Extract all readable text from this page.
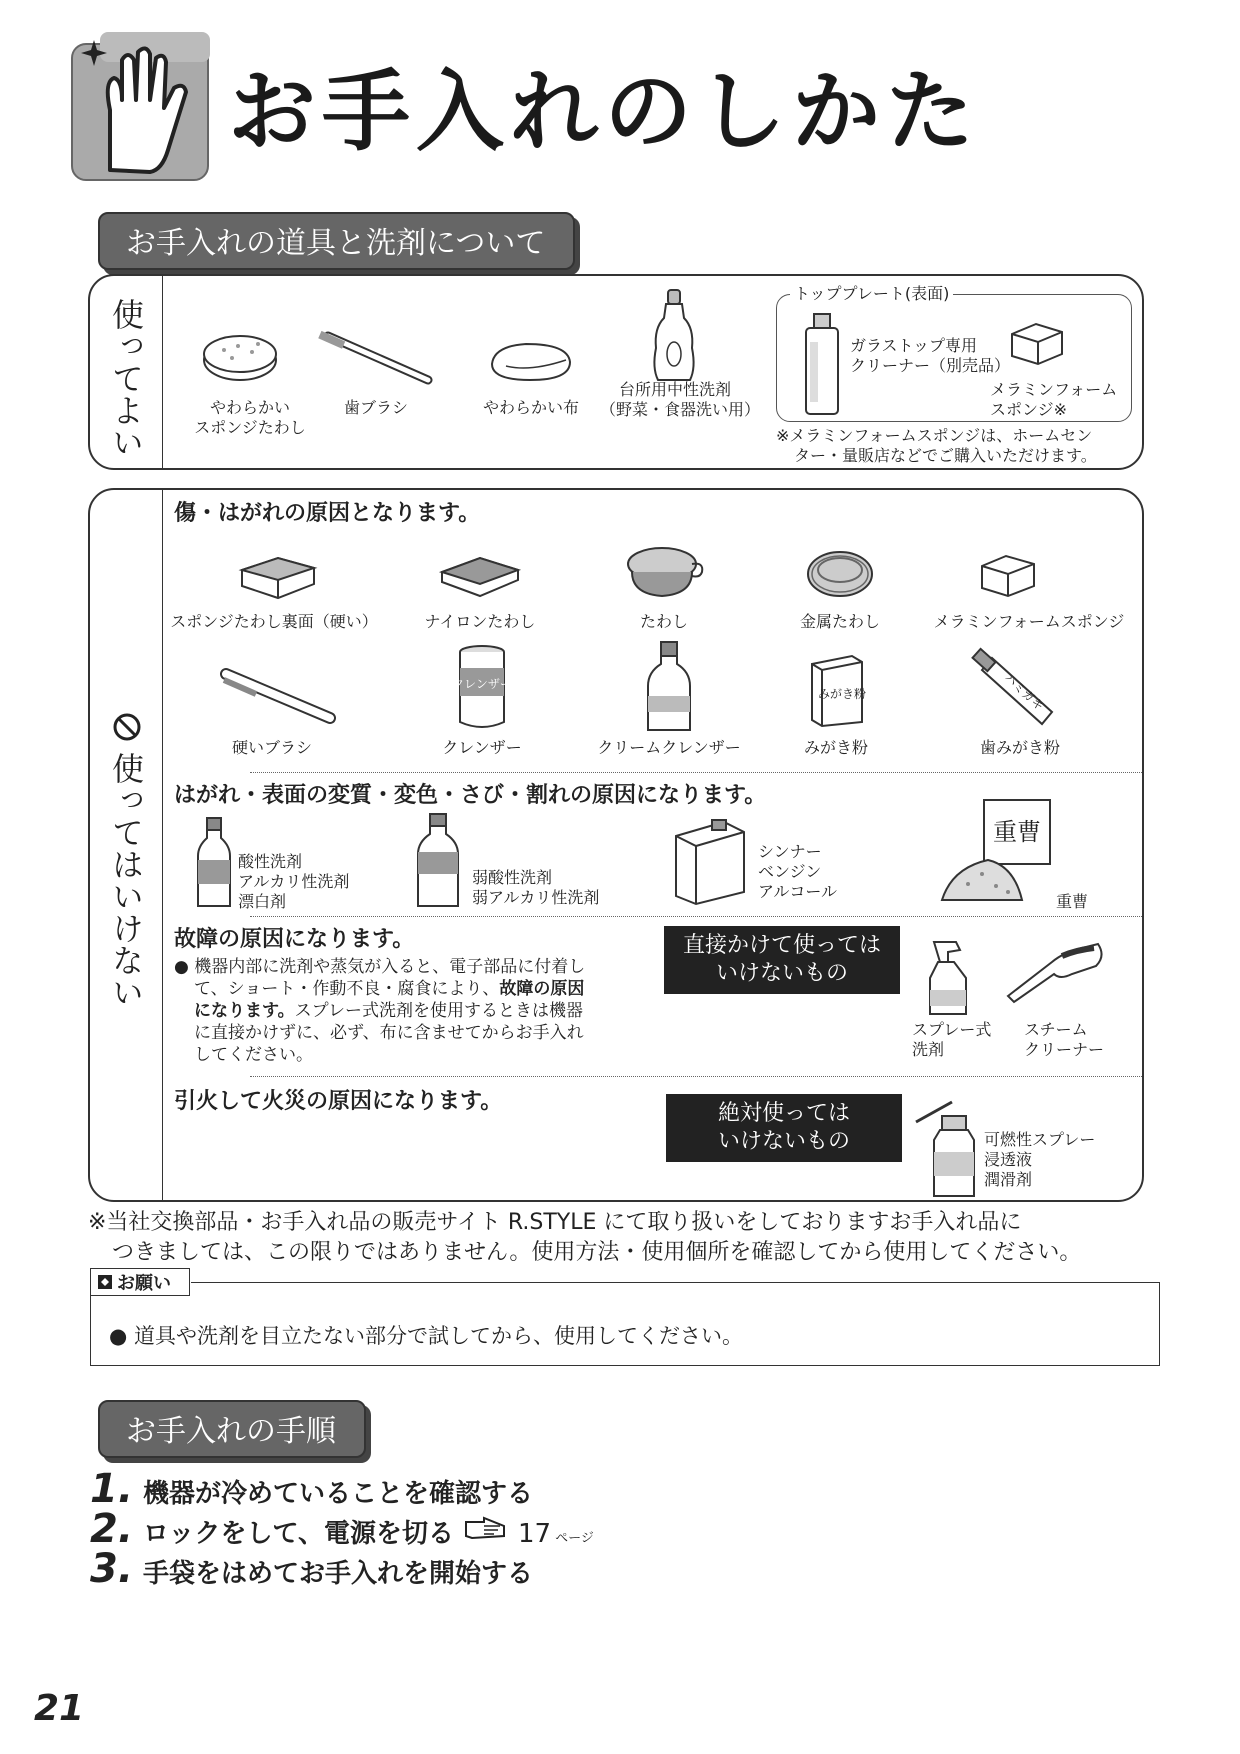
お手入れのしかた
お手入れの道具と洗剤について
使ってよい	やわらかい
スポンジたわし
歯ブラシ	やわらかい布
台所用中性洗剤
（野菜・食器洗い用）
トッププレート(表面)
ガラストップ専用
クリーナー（別売品）
メラミンフォーム
スポンジ※
※メラミンフォームスポンジは、ホームセン
ター・量販店などでご購入いただけます。
使ってはいけない
傷・はがれの原因となります。
スポンジたわし裏面（硬い）	ナイロンたわし	たわし	金属たわし	メラミンフォームスポンジ
クレンザー
みがき粉	ハミガキ
硬いブラシ	クレンザー	クリームクレンザー	みがき粉	歯みがき粉
はがれ・表面の変質・変色・さび・割れの原因になります。
酸性洗剤
アルカリ性洗剤
漂白剤
弱酸性洗剤
弱アルカリ性洗剤
シンナー
ベンジン
アルコール
重曹
重曹
故障の原因になります。
● 機器内部に洗剤や蒸気が入ると、電子部品に付着し
て、ショート・作動不良・腐食により、故障の原因
になります。スプレー式洗剤を使用するときは機器
に直接かけずに、必ず、布に含ませてからお手入れ
してください。
直接かけて使っては
いけないもの
スプレー式
洗剤
スチーム
クリーナー
引火して火災の原因になります。	絶対使っては
いけないもの	可燃性スプレー
浸透液
潤滑剤
※当社交換部品・お手入れ品の販売サイト R.STYLE にて取り扱いをしておりますお手入れ品に
つきましては、この限りではありません。使用方法・使用個所を確認してから使用してください。
お願い
● 道具や洗剤を目立たない部分で試してから、使用してください。
お手入れの手順
1. 機器が冷めていることを確認する
2. ロックをして、電源を切る 17 ページ
3. 手袋をはめてお手入れを開始する
21
